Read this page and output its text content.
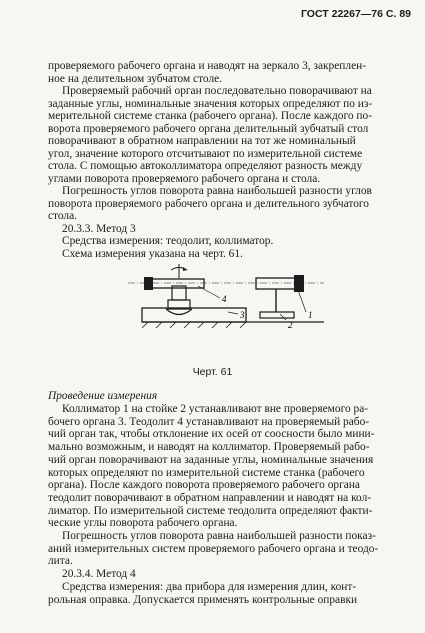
ГОСТ 22267—76 С. 89
проверяемого рабочего органа и наводят на зеркало 3, закреплен-
ное на делительном зубчатом столе.
Проверяемый рабочий орган последовательно поворачивают на
заданные углы, номинальные значения которых определяют по из-
мерительной системе станка (рабочего органа). После каждого по-
ворота проверяемого рабочего органа делительный зубчатый стол
поворачивают в обратном направлении на тот же номинальный
угол, значение которого отсчитывают по измерительной системе
стола. С помощью автоколлиматора определяют разность между
углами поворота проверяемого рабочего органа и стола.
Погрешность углов поворота равна наибольшей разности углов
поворота проверяемого рабочего органа и делительного зубчатого
стола.
20.3.3. Метод 3
Средства измерения: теодолит, коллиматор.
Схема измерения указана на черт. 61.
4
3
2
1
Черт. 61
Проведение измерения
Коллиматор 1 на стойке 2 устанавливают вне проверяемого ра-
бочего органа 3. Теодолит 4 устанавливают на проверяемый рабо-
чий орган так, чтобы отклонение их осей от соосности было мини-
мально возможным, и наводят на коллиматор. Проверяемый рабо-
чий орган поворачивают на заданные углы, номинальные значения
которых определяют по измерительной системе станка (рабочего
органа). После каждого поворота проверяемого рабочего органа
теодолит поворачивают в обратном направлении и наводят на кол-
лиматор. По измерительной системе теодолита определяют факти-
ческие углы поворота рабочего органа.
Погрешность углов поворота равна наибольшей разности показ-
аний измерительных систем проверяемого рабочего органа и теодо-
лита.
20.3.4. Метод 4
Средства измерения: два прибора для измерения длин, конт-
рольная оправка. Допускается применять контрольные оправки
